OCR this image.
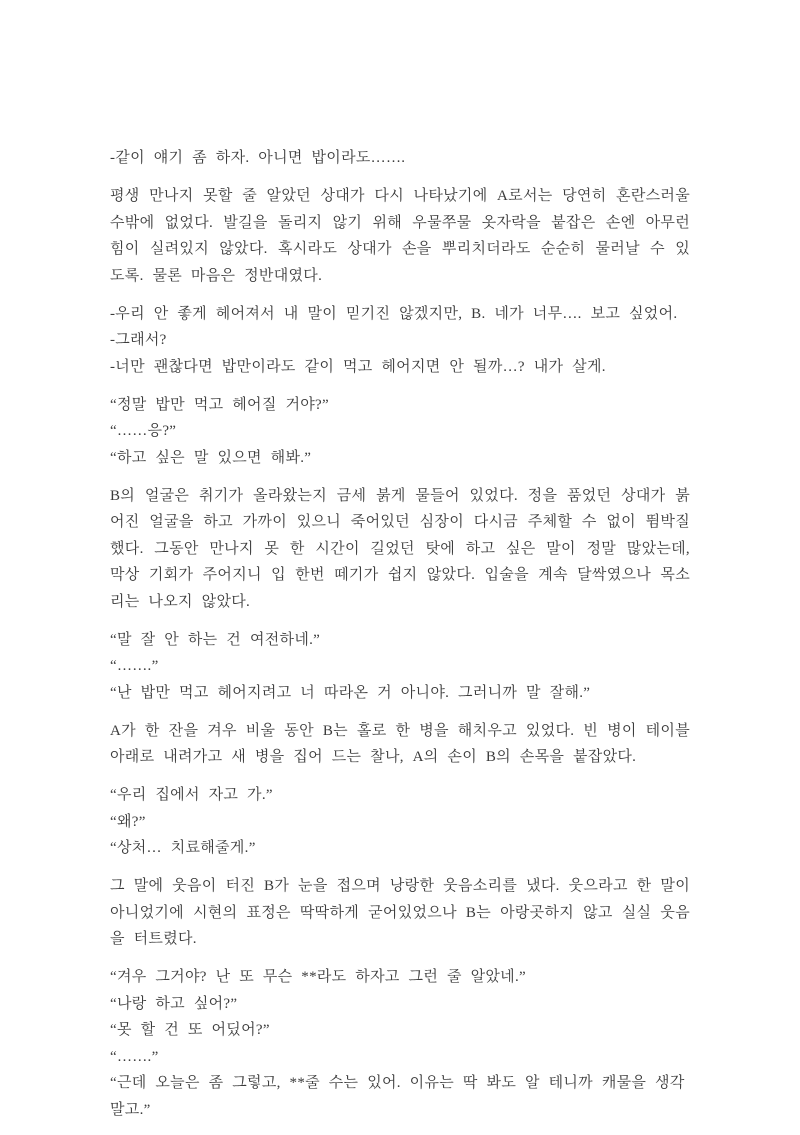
-같이 얘기 좀 하자. 아니면 밥이라도…….

평생 만나지 못할 줄 알았던 상대가 다시 나타났기에 A로서는 당연히 혼란스러울 수밖에 없었다. 발길을 돌리지 않기 위해 우물쭈물 옷자락을 붙잡은 손엔 아무런 힘이 실려있지 않았다. 혹시라도 상대가 손을 뿌리치더라도 순순히 물러날 수 있도록. 물론 마음은 정반대였다.

-우리 안 좋게 헤어져서 내 말이 믿기진 않겠지만, B. 네가 너무…. 보고 싶었어.
-그래서?
-너만 괜찮다면 밥만이라도 같이 먹고 헤어지면 안 될까…? 내가 살게.

“정말 밥만 먹고 헤어질 거야?”
“……응?”
“하고 싶은 말 있으면 해봐.”

B의 얼굴은 취기가 올라왔는지 금세 붉게 물들어 있었다. 정을 품었던 상대가 붉어진 얼굴을 하고 가까이 있으니 죽어있던 심장이 다시금 주체할 수 없이 뜀박질했다. 그동안 만나지 못 한 시간이 길었던 탓에 하고 싶은 말이 정말 많았는데, 막상 기회가 주어지니 입 한번 떼기가 쉽지 않았다. 입술을 계속 달싹였으나 목소리는 나오지 않았다.

“말 잘 안 하는 건 여전하네.”
“…….”
“난 밥만 먹고 헤어지려고 너 따라온 거 아니야. 그러니까 말 잘해.”

A가 한 잔을 겨우 비울 동안 B는 홀로 한 병을 해치우고 있었다. 빈 병이 테이블 아래로 내려가고 새 병을 집어 드는 찰나, A의 손이 B의 손목을 붙잡았다.

“우리 집에서 자고 가.”
“왜?”
“상처… 치료해줄게.”

그 말에 웃음이 터진 B가 눈을 접으며 낭랑한 웃음소리를 냈다. 웃으라고 한 말이 아니었기에 시현의 표정은 딱딱하게 굳어있었으나 B는 아랑곳하지 않고 실실 웃음을 터트렸다.

“겨우 그거야? 난 또 무슨 **라도 하자고 그런 줄 알았네.”
“나랑 하고 싶어?”
“못 할 건 또 어딨어?”
“…….”
“근데 오늘은 좀 그렇고, **줄 수는 있어. 이유는 딱 봐도 알 테니까 캐물을 생각 말고.”
